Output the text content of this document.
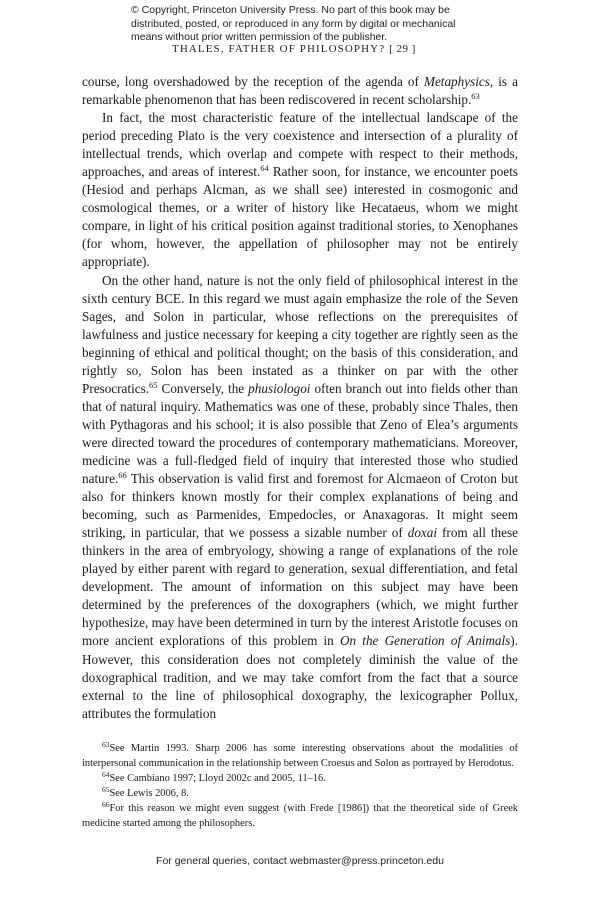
© Copyright, Princeton University Press. No part of this book may be distributed, posted, or reproduced in any form by digital or mechanical means without prior written permission of the publisher.
THALES, FATHER OF PHILOSOPHY? [ 29 ]

course, long overshadowed by the reception of the agenda of Metaphysics, is a remarkable phenomenon that has been rediscovered in recent scholarship.$^{63}$

In fact, the most characteristic feature of the intellectual landscape of the period preceding Plato is the very coexistence and intersection of a plurality of intellectual trends, which overlap and compete with respect to their methods, approaches, and areas of interest.$^{64}$ Rather soon, for instance, we encounter poets (Hesiod and perhaps Alcman, as we shall see) interested in cosmogonic and cosmological themes, or a writer of history like Hecataeus, whom we might compare, in light of his critical position against traditional stories, to Xenophanes (for whom, however, the appellation of philosopher may not be entirely appropriate).

On the other hand, nature is not the only field of philosophical interest in the sixth century BCE. In this regard we must again emphasize the role of the Seven Sages, and Solon in particular, whose reflections on the prerequisites of lawfulness and justice necessary for keeping a city together are rightly seen as the beginning of ethical and political thought; on the basis of this consideration, and rightly so, Solon has been instated as a thinker on par with the other Presocratics.$^{65}$ Conversely, the phusiologoi often branch out into fields other than that of natural inquiry. Mathematics was one of these, probably since Thales, then with Pythagoras and his school; it is also possible that Zeno of Elea’s arguments were directed toward the procedures of contemporary mathematicians. Moreover, medicine was a full-fledged field of inquiry that interested those who studied nature.$^{66}$ This observation is valid first and foremost for Alcmaeon of Croton but also for thinkers known mostly for their complex explanations of being and becoming, such as Parmenides, Empedocles, or Anaxagoras. It might seem striking, in particular, that we possess a sizable number of doxai from all these thinkers in the area of embryology, showing a range of explanations of the role played by either parent with regard to generation, sexual differentiation, and fetal development. The amount of information on this subject may have been determined by the preferences of the doxographers (which, we might further hypothesize, may have been determined in turn by the interest Aristotle focuses on more ancient explorations of this problem in On the Generation of Animals). However, this consideration does not completely diminish the value of the doxographical tradition, and we may take comfort from the fact that a source external to the line of philosophical doxography, the lexicographer Pollux, attributes the formulation

$^{63}$See Martin 1993. Sharp 2006 has some interesting observations about the modalities of interpersonal communication in the relationship between Croesus and Solon as portrayed by Herodotus.

$^{64}$See Cambiano 1997; Lloyd 2002c and 2005, 11–16.

$^{65}$See Lewis 2006, 8.

$^{66}$For this reason we might even suggest (with Frede [1986]) that the theoretical side of Greek medicine started among the philosophers.

For general queries, contact webmaster@press.princeton.edu
